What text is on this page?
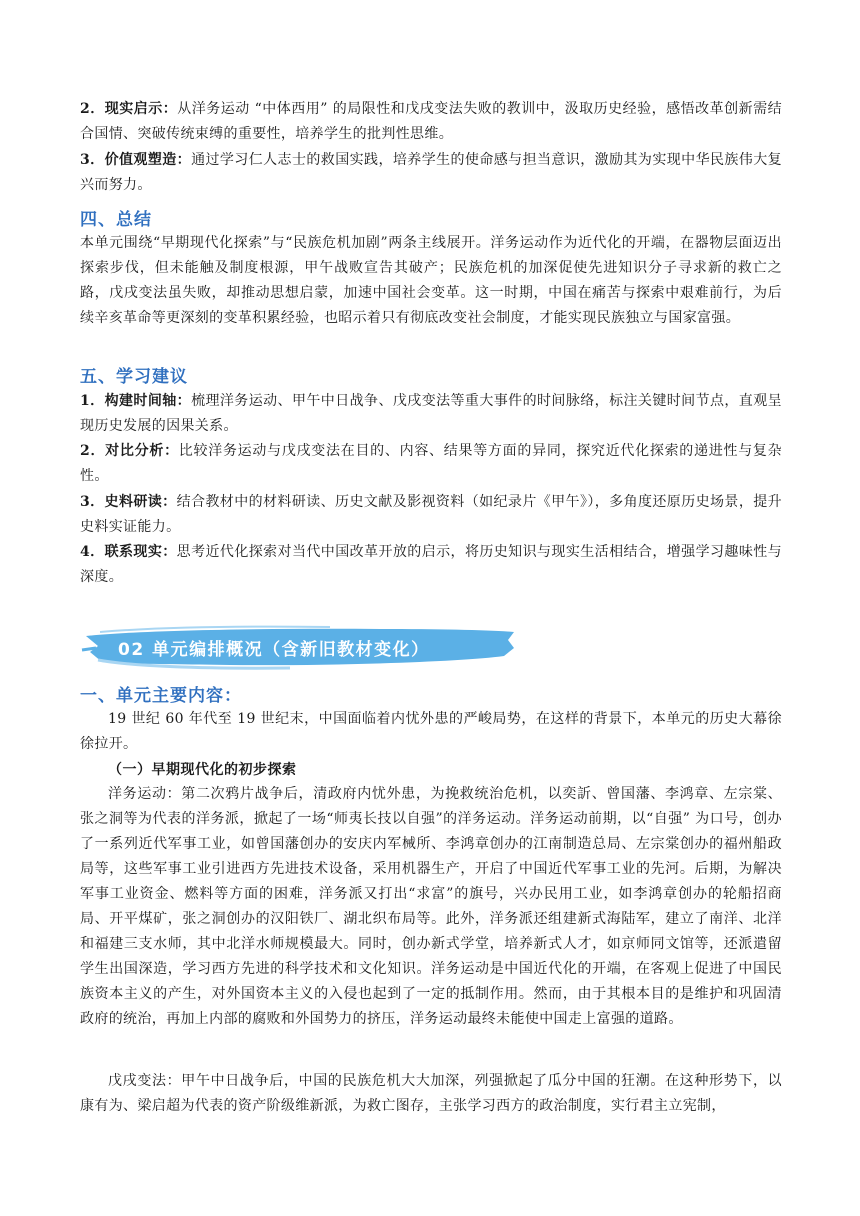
2．现实启示：从洋务运动 “中体西用” 的局限性和戊戌变法失败的教训中，汲取历史经验，感悟改革创新需结合国情、突破传统束缚的重要性，培养学生的批判性思维。
3．价值观塑造：通过学习仁人志士的救国实践，培养学生的使命感与担当意识，激励其为实现中华民族伟大复兴而努力。
四、总结
本单元围绕“早期现代化探索”与“民族危机加剧”两条主线展开。洋务运动作为近代化的开端，在器物层面迈出探索步伐，但未能触及制度根源，甲午战败宣告其破产；民族危机的加深促使先进知识分子寻求新的救亡之路，戊戌变法虽失败，却推动思想启蒙，加速中国社会变革。这一时期，中国在痛苦与探索中艰难前行，为后续辛亥革命等更深刻的变革积累经验，也昭示着只有彻底改变社会制度，才能实现民族独立与国家富强。
五、学习建议
1．构建时间轴：梳理洋务运动、甲午中日战争、戊戌变法等重大事件的时间脉络，标注关键时间节点，直观呈现历史发展的因果关系。
2．对比分析：比较洋务运动与戊戌变法在目的、内容、结果等方面的异同，探究近代化探索的递进性与复杂性。
3．史料研读：结合教材中的材料研读、历史文献及影视资料（如纪录片《甲午》），多角度还原历史场景，提升史料实证能力。
4．联系现实：思考近代化探索对当代中国改革开放的启示，将历史知识与现实生活相结合，增强学习趣味性与深度。
02 单元编排概况（含新旧教材变化）
一、单元主要内容：
19 世纪 60 年代至 19 世纪末，中国面临着内忧外患的严峻局势，在这样的背景下，本单元的历史大幕徐徐拉开。
（一）早期现代化的初步探索
洋务运动：第二次鸦片战争后，清政府内忧外患，为挽救统治危机，以奕訢、曾国藩、李鸿章、左宗棠、张之洞等为代表的洋务派，掀起了一场“师夷长技以自强”的洋务运动。洋务运动前期，以“自强” 为口号，创办了一系列近代军事工业，如曾国藩创办的安庆内军械所、李鸿章创办的江南制造总局、左宗棠创办的福州船政局等，这些军事工业引进西方先进技术设备，采用机器生产，开启了中国近代军事工业的先河。后期，为解决军事工业资金、燃料等方面的困难，洋务派又打出“求富”的旗号，兴办民用工业，如李鸿章创办的轮船招商局、开平煤矿，张之洞创办的汉阳铁厂、湖北织布局等。此外，洋务派还组建新式海陆军，建立了南洋、北洋和福建三支水师，其中北洋水师规模最大。同时，创办新式学堂，培养新式人才，如京师同文馆等，还派遣留学生出国深造，学习西方先进的科学技术和文化知识。洋务运动是中国近代化的开端，在客观上促进了中国民族资本主义的产生，对外国资本主义的入侵也起到了一定的抵制作用。然而，由于其根本目的是维护和巩固清政府的统治，再加上内部的腐败和外国势力的挤压，洋务运动最终未能使中国走上富强的道路。
戊戌变法：甲午中日战争后，中国的民族危机大大加深，列强掀起了瓜分中国的狂潮。在这种形势下，以康有为、梁启超为代表的资产阶级维新派，为救亡图存，主张学习西方的政治制度，实行君主立宪制，
